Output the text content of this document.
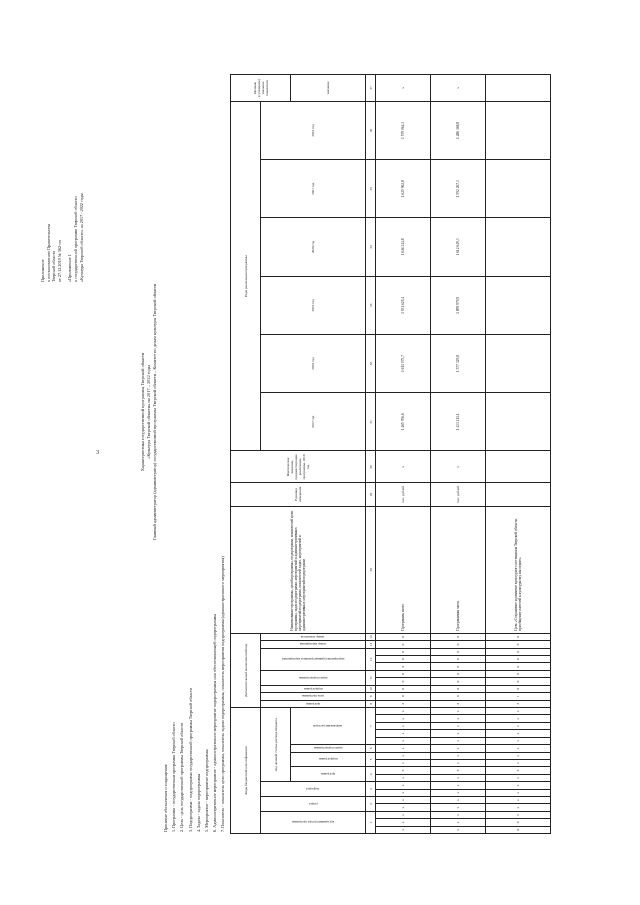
3
Приложение к постановлению Правительства Тверской области от 27.12.2019 № 562-пп «Приложение 1 к государственной программе Тверской области «Культура Тверской области» на 2017 - 2022 годы
Характеристика государственной программы Тверской области «Культура Тверской области» на 2017 – 2022 годы Главный администратор (администратор) государственной программы Тверской области – Комитет по делам культуры Тверской области
Принятые обозначения и сокращения: 1. Программа - государственная программа Тверской области 2. Цель - цель государственной программы Тверской области 3. Подпрограмма - подпрограмма государственной программы Тверской области 4. Задача - задача подпрограммы 5. Мероприятие - мероприятие подпрограммы 6. Административное мероприятие - административное мероприятие подпрограммы или обеспечивающей подпрограммы 7. Показатель - показатель цели программы, показатель задачи подпрограммы, показатель мероприятия подпрограммы (административного мероприятия)	Коды бюджетной классификации																	Дополнительный аналитический код										Наименование программы, целей программы, подпрограмм, показателей цели программы, задач подпрограмм, мероприятий и административных мероприятий подпрограмм, показателей задач, мероприятий и административных мероприятий подпрограмм	Единица измерения	Фактическое значение, предшествующее реализации программы, 2016 год	Годы реализации программы						Целевое (суммарное) значение показателя

код администратора программы			раздел		подраздел		код целевой статьи расхода бюджета										программа	цель программы	подпрограмма	задача подпрограммы		мероприятие (административное мероприятие)			номер мероприятия	номер показателя				2017 год	2018 год	2019 год	2020 год	2021 год	2022 год	

							программа		подпрограмма		задача подпрограммы	направление расходов																								значение
1			2		3		4		5		6	7					8	9	10	11		12			13	14	28	29	30	31	32	33	34	35	36	37
х	х	х	х	х	х	х	х	3	х	х	х	х	х	х	х	х	3	0	0	0	0	0	0	0	0	0	Программа, всего	тыс. рублей	х	1 465 706,6	1 611 075,7	1 931 625,4	1 646 344,8	1 625 962,8	1 579 064,3	х
х	х	х	х	х	х	х	х	3	х	х	х	х	х	х	х	х	3	0	0	0	0	0	0	0	0	0	Программная часть	тыс. рублей	х	1 433 211,1	1 577 329,8	1 899 979,9	1 612 649,3	1 592 267,3	1 486 368,8	х
0	6	5	х	х	х	х	х	3	х	х	х	х	х	х	х	х	3	1	0	0	0	0	0	0	0	0	Цель «Сохранение и развитие культурного потенциала Тверской области, приобщение жителей к культурному наследию»									
